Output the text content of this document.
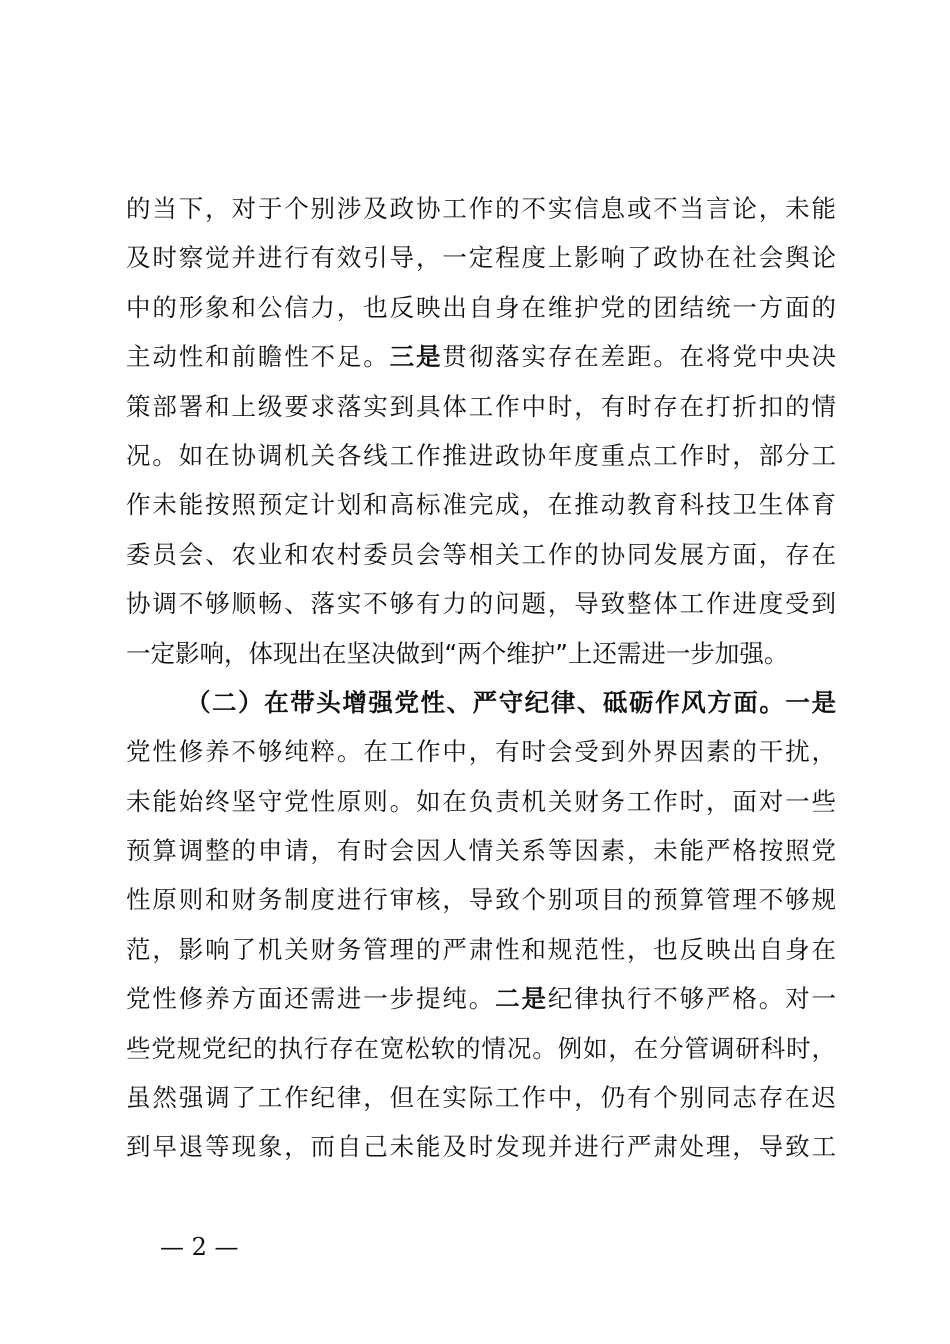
的当下，对于个别涉及政协工作的不实信息或不当言论，未能
及时察觉并进行有效引导，一定程度上影响了政协在社会舆论
中的形象和公信力，也反映出自身在维护党的团结统一方面的
主动性和前瞻性不足。三是贯彻落实存在差距。在将党中央决
策部署和上级要求落实到具体工作中时，有时存在打折扣的情
况。如在协调机关各线工作推进政协年度重点工作时，部分工
作未能按照预定计划和高标准完成，在推动教育科技卫生体育
委员会、农业和农村委员会等相关工作的协同发展方面，存在
协调不够顺畅、落实不够有力的问题，导致整体工作进度受到
一定影响，体现出在坚决做到“两个维护”上还需进一步加强。
（二）在带头增强党性、严守纪律、砥砺作风方面。一是
党性修养不够纯粹。在工作中，有时会受到外界因素的干扰，
未能始终坚守党性原则。如在负责机关财务工作时，面对一些
预算调整的申请，有时会因人情关系等因素，未能严格按照党
性原则和财务制度进行审核，导致个别项目的预算管理不够规
范，影响了机关财务管理的严肃性和规范性，也反映出自身在
党性修养方面还需进一步提纯。二是纪律执行不够严格。对一
些党规党纪的执行存在宽松软的情况。例如，在分管调研科时，
虽然强调了工作纪律，但在实际工作中，仍有个别同志存在迟
到早退等现象，而自己未能及时发现并进行严肃处理，导致工
— 2 —
